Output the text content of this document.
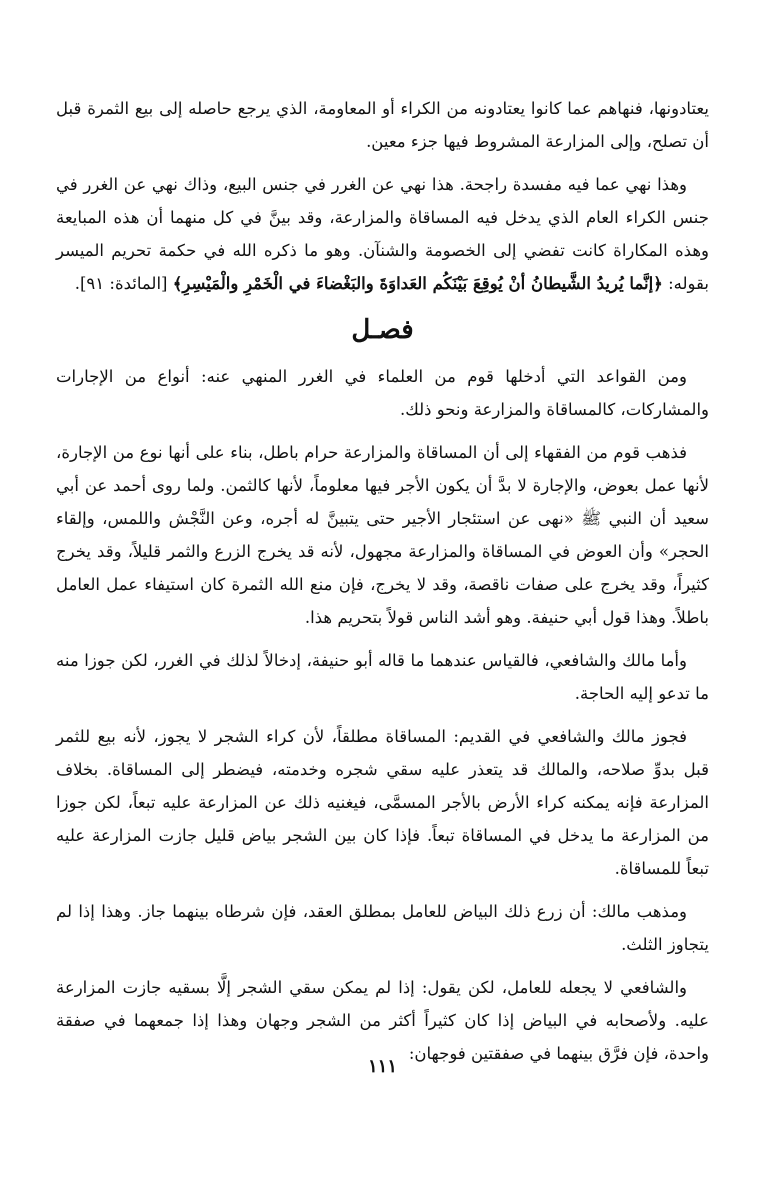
يعتادونها، فنهاهم عما كانوا يعتادونه من الكراء أو المعاومة، الذي يرجع حاصله إلى بيع الثمرة قبل أن تصلح، وإلى المزارعة المشروط فيها جزء معين.

وهذا نهي عما فيه مفسدة راجحة. هذا نهي عن الغرر في جنس البيع، وذاك نهي عن الغرر في جنس الكراء العام الذي يدخل فيه المساقاة والمزارعة، وقد بينَّ في كل منهما أن هذه المبايعة وهذه المكاراة كانت تفضي إلى الخصومة والشنآن. وهو ما ذكره الله في حكمة تحريم الميسر بقوله: ﴿إنَّما يُريدُ الشَّيطانُ أنْ يُوقِعَ بَيْنَكُم العَداوَةَ والبَغْضاءَ في الْخَمْرِ والْمَيْسِرِ﴾ [المائدة: ٩١].

فصـل

ومن القواعد التي أدخلها قوم من العلماء في الغرر المنهي عنه: أنواع من الإجارات والمشاركات، كالمساقاة والمزارعة ونحو ذلك.

فذهب قوم من الفقهاء إلى أن المساقاة والمزارعة حرام باطل، بناء على أنها نوع من الإجارة، لأنها عمل بعوض، والإجارة لا بدَّ أن يكون الأجر فيها معلوماً، لأنها كالثمن. ولما روى أحمد عن أبي سعيد أن النبي ﷺ «نهى عن استئجار الأجير حتى يتبينَّ له أجره، وعن النَّجْش واللمس، وإلقاء الحجر» وأن العوض في المساقاة والمزارعة مجهول، لأنه قد يخرج الزرع والثمر قليلاً، وقد يخرج كثيراً، وقد يخرج على صفات ناقصة، وقد لا يخرج، فإن منع الله الثمرة كان استيفاء عمل العامل باطلاً. وهذا قول أبي حنيفة. وهو أشد الناس قولاً بتحريم هذا.

وأما مالك والشافعي، فالقياس عندهما ما قاله أبو حنيفة، إدخالاً لذلك في الغرر، لكن جوزا منه ما تدعو إليه الحاجة.

فجوز مالك والشافعي في القديم: المساقاة مطلقاً، لأن كراء الشجر لا يجوز، لأنه بيع للثمر قبل بدوِّ صلاحه، والمالك قد يتعذر عليه سقي شجره وخدمته، فيضطر إلى المساقاة. بخلاف المزارعة فإنه يمكنه كراء الأرض بالأجر المسمَّى، فيغنيه ذلك عن المزارعة عليه تبعاً، لكن جوزا من المزارعة ما يدخل في المساقاة تبعاً. فإذا كان بين الشجر بياض قليل جازت المزارعة عليه تبعاً للمساقاة.

ومذهب مالك: أن زرع ذلك البياض للعامل بمطلق العقد، فإن شرطاه بينهما جاز. وهذا إذا لم يتجاوز الثلث.

والشافعي لا يجعله للعامل، لكن يقول: إذا لم يمكن سقي الشجر إلَّا بسقيه جازت المزارعة عليه. ولأصحابه في البياض إذا كان كثيراً أكثر من الشجر وجهان وهذا إذا جمعهما في صفقة واحدة، فإن فرَّق بينهما في صفقتين فوجهان:

١١١
